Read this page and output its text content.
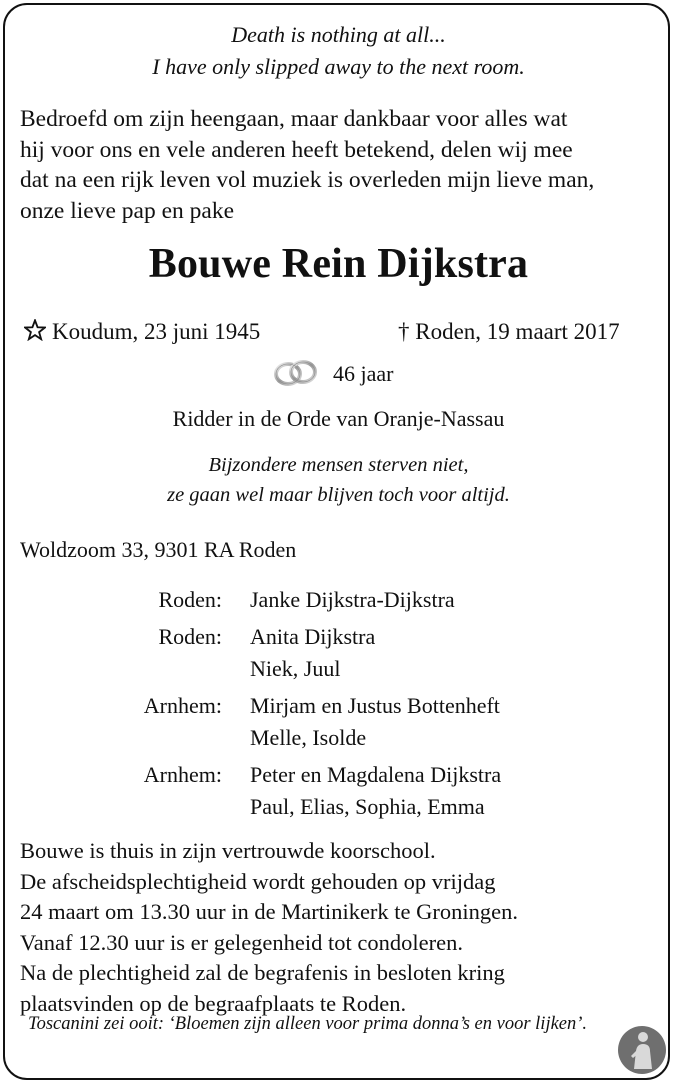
Death is nothing at all...
I have only slipped away to the next room.
Bedroefd om zijn heengaan, maar dankbaar voor alles wat
hij voor ons en vele anderen heeft betekend, delen wij mee
dat na een rijk leven vol muziek is overleden mijn lieve man,
onze lieve pap en pake
Bouwe Rein Dijkstra
Koudum, 23 juni 1945	† Roden, 19 maart 2017
46 jaar
Ridder in de Orde van Oranje-Nassau
Bijzondere mensen sterven niet,
ze gaan wel maar blijven toch voor altijd.
Woldzoom 33, 9301 RA Roden
Roden: Janke Dijkstra-Dijkstra
Roden: Anita Dijkstra
Niek, Juul
Arnhem: Mirjam en Justus Bottenheft
Melle, Isolde
Arnhem: Peter en Magdalena Dijkstra
Paul, Elias, Sophia, Emma
Bouwe is thuis in zijn vertrouwde koorschool.
De afscheidsplechtigheid wordt gehouden op vrijdag
24 maart om 13.30 uur in de Martinikerk te Groningen.
Vanaf 12.30 uur is er gelegenheid tot condoleren.
Na de plechtigheid zal de begrafenis in besloten kring
plaatsvinden op de begraafplaats te Roden.
Toscanini zei ooit: ‘Bloemen zijn alleen voor prima donna’s en voor lijken’.
